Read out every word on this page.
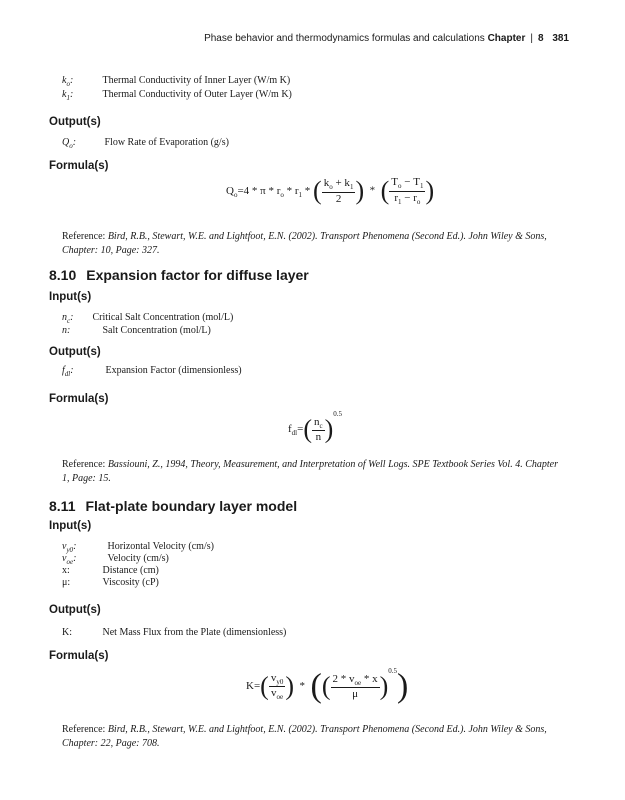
Phase behavior and thermodynamics formulas and calculations Chapter | 8 381
$k_o$:	Thermal Conductivity of Inner Layer (W/m K)
$k_1$:	Thermal Conductivity of Outer Layer (W/m K)
Output(s)
$Q_o$:	Flow Rate of Evaporation (g/s)
Formula(s)
$Q_o=4 * \pi * r_o * r_1$ * ( $\frac{k_o + k_1}{2}$ )  *  ( $\frac{T_o - T_1}{r_1 - r_o}$ )
Reference: Bird, R.B., Stewart, W.E. and Lightfoot, E.N. (2002). Transport Phenomena (Second Ed.). John Wiley & Sons, Chapter: 10, Page: 327.
8.10 Expansion factor for diffuse layer
Input(s)
$n_c$: Critical Salt Concentration (mol/L)
n:	Salt Concentration (mol/L)
Output(s)
$f_{dl}$:	Expansion Factor (dimensionless)
Formula(s)
$f_{dl}=( \frac{n_c}{n} )^{0.5}$
Reference: Bassiouni, Z., 1994, Theory, Measurement, and Interpretation of Well Logs. SPE Textbook Series Vol. 4. Chapter 1, Page: 15.
8.11 Flat-plate boundary layer model
Input(s)
$v_{y0}$:	Horizontal Velocity (cm/s)
$v_{oe}$:	Velocity (cm/s)
x:	Distance (cm)
μ:	Viscosity (cP)
Output(s)
K:	Net Mass Flux from the Plate (dimensionless)
Formula(s)
$K=( \frac{v_{y0}}{v_{oe}}$ )  *  (( $\frac{2 * v_{oe} * x}{\mu} )^{0.5}$)
Reference: Bird, R.B., Stewart, W.E. and Lightfoot, E.N. (2002). Transport Phenomena (Second Ed.). John Wiley & Sons, Chapter: 22, Page: 708.
